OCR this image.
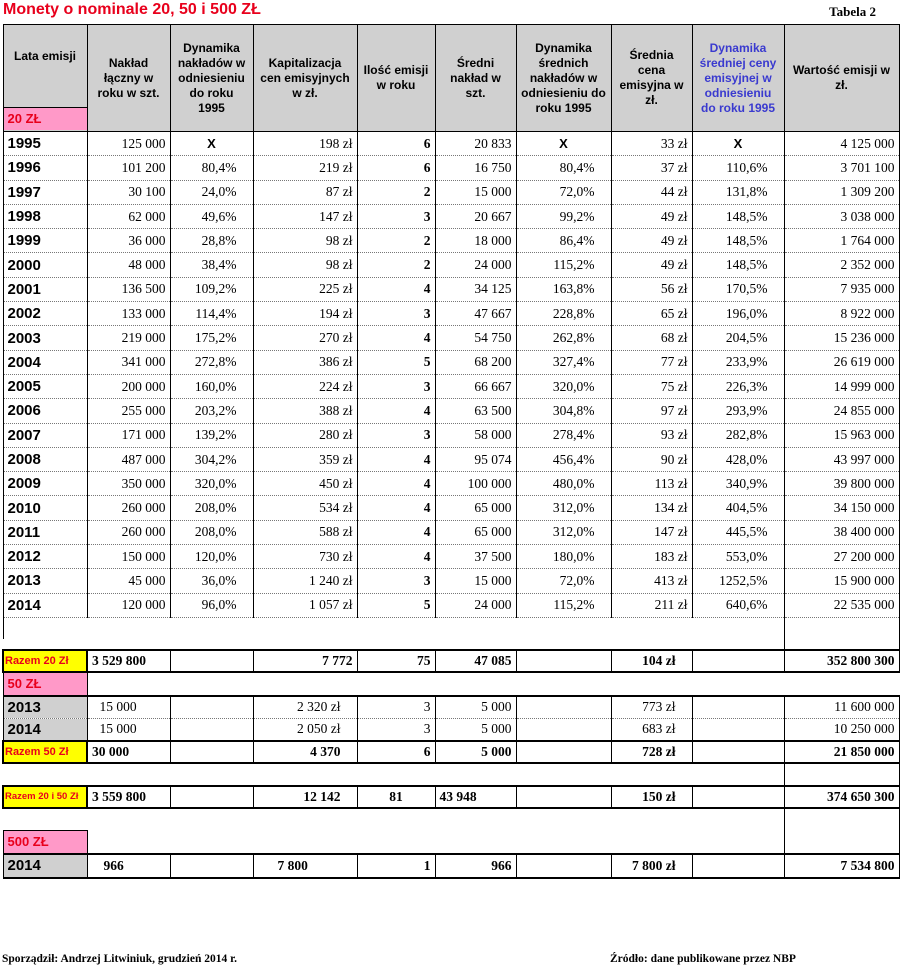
Monety o nominale 20, 50 i 500 ZŁ	Tabela 2
Lata emisji
20 ZŁ	Nakład łączny w roku w szt.	Dynamika nakładów w odniesieniu do roku 1995	Kapitalizacja cen emisyjnych w zł.	Ilość emisji w roku	Średni nakład w szt.	Dynamika średnich nakładów w odniesieniu do roku 1995	Średnia cena emisyjna w zł.	Dynamika średniej ceny emisyjnej w odniesieniu do roku 1995	Wartość emisji w zł.
1995	125 000	X	198 zł	6	20 833	X	33 zł	X	4 125 000
1996	101 200	80,4%	219 zł	6	16 750	80,4%	37 zł	110,6%	3 701 100
1997	30 100	24,0%	87 zł	2	15 000	72,0%	44 zł	131,8%	1 309 200
1998	62 000	49,6%	147 zł	3	20 667	99,2%	49 zł	148,5%	3 038 000
1999	36 000	28,8%	98 zł	2	18 000	86,4%	49 zł	148,5%	1 764 000
2000	48 000	38,4%	98 zł	2	24 000	115,2%	49 zł	148,5%	2 352 000
2001	136 500	109,2%	225 zł	4	34 125	163,8%	56 zł	170,5%	7 935 000
2002	133 000	114,4%	194 zł	3	47 667	228,8%	65 zł	196,0%	8 922 000
2003	219 000	175,2%	270 zł	4	54 750	262,8%	68 zł	204,5%	15 236 000
2004	341 000	272,8%	386 zł	5	68 200	327,4%	77 zł	233,9%	26 619 000
2005	200 000	160,0%	224 zł	3	66 667	320,0%	75 zł	226,3%	14 999 000
2006	255 000	203,2%	388 zł	4	63 500	304,8%	97 zł	293,9%	24 855 000
2007	171 000	139,2%	280 zł	3	58 000	278,4%	93 zł	282,8%	15 963 000
2008	487 000	304,2%	359 zł	4	95 074	456,4%	90 zł	428,0%	43 997 000
2009	350 000	320,0%	450 zł	4	100 000	480,0%	113 zł	340,9%	39 800 000
2010	260 000	208,0%	534 zł	4	65 000	312,0%	134 zł	404,5%	34 150 000
2011	260 000	208,0%	588 zł	4	65 000	312,0%	147 zł	445,5%	38 400 000
2012	150 000	120,0%	730 zł	4	37 500	180,0%	183 zł	553,0%	27 200 000
2013	45 000	36,0%	1 240 zł	3	15 000	72,0%	413 zł	1252,5%	15 900 000
2014	120 000	96,0%	1 057 zł	5	24 000	115,2%	211 zł	640,6%	22 535 000

Razem 20 Zł	3 529 800		7 772	75	47 085		104 zł		352 800 300
50 ZŁ									
2013	15 000		2 320 zł	3	5 000		773 zł		11 600 000
2014	15 000		2 050 zł	3	5 000		683 zł		10 250 000
Razem 50 Zł	30 000		4 370	6	5 000		728 zł		21 850 000

Razem 20 i 50 Zł	3 559 800		12 142	81	43 948		150 zł		374 650 300

500 ZŁ									
2014	966		7 800	1	966		7 800 zł		7 534 800
Sporządził: Andrzej Litwiniuk, grudzień 2014 r.	Źródło: dane publikowane przez NBP
